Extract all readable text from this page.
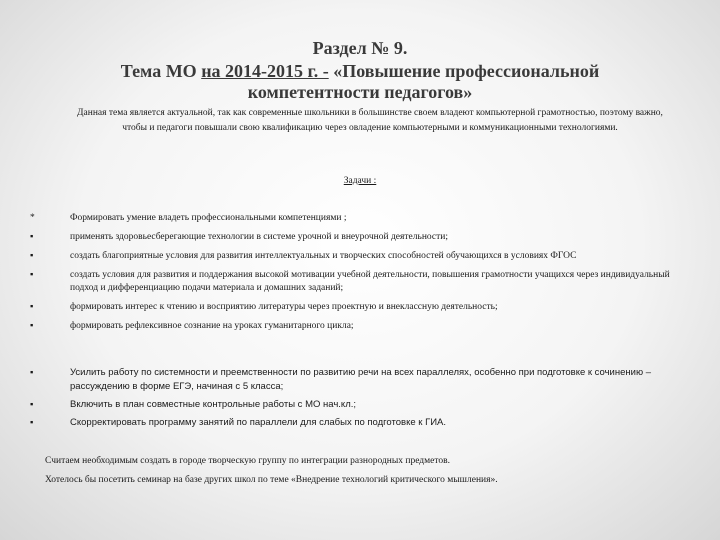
Раздел № 9.
Тема МО на 2014-2015 г. - «Повышение профессиональной
компетентности педагогов»
Данная тема является актуальной, так как современные школьники в большинстве своем владеют компьютерной грамотностью, поэтому важно, чтобы и педагоги повышали свою квалификацию через овладение компьютерными и коммуникационными технологиями.
Задачи :
*	Формировать умение владеть профессиональными компетенциями ;
▪	применять здоровьесберегающие технологии в системе урочной и внеурочной деятельности;
▪	создать благоприятные условия для развития интеллектуальных и творческих способностей обучающихся в условиях ФГОС
▪	создать условия для развития и поддержания высокой мотивации учебной деятельности, повышения грамотности учащихся через индивидуальный подход и дифференциацию подачи материала и домашних заданий;
▪	формировать интерес к чтению и восприятию литературы через проектную и внеклассную деятельность;
▪	формировать рефлексивное сознание на уроках гуманитарного цикла;
▪	Усилить работу по системности и преемственности по развитию речи на всех параллелях, особенно при подготовке к сочинению – рассуждению в форме ЕГЭ, начиная с 5 класса;
▪	Включить в план совместные контрольные работы с МО нач.кл.;
▪	Скорректировать программу занятий по параллели для слабых по подготовке к ГИА.
Считаем необходимым создать в городе творческую группу по интеграции разнородных предметов.
Хотелось бы посетить семинар на базе других школ по теме «Внедрение технологий критического мышления».
